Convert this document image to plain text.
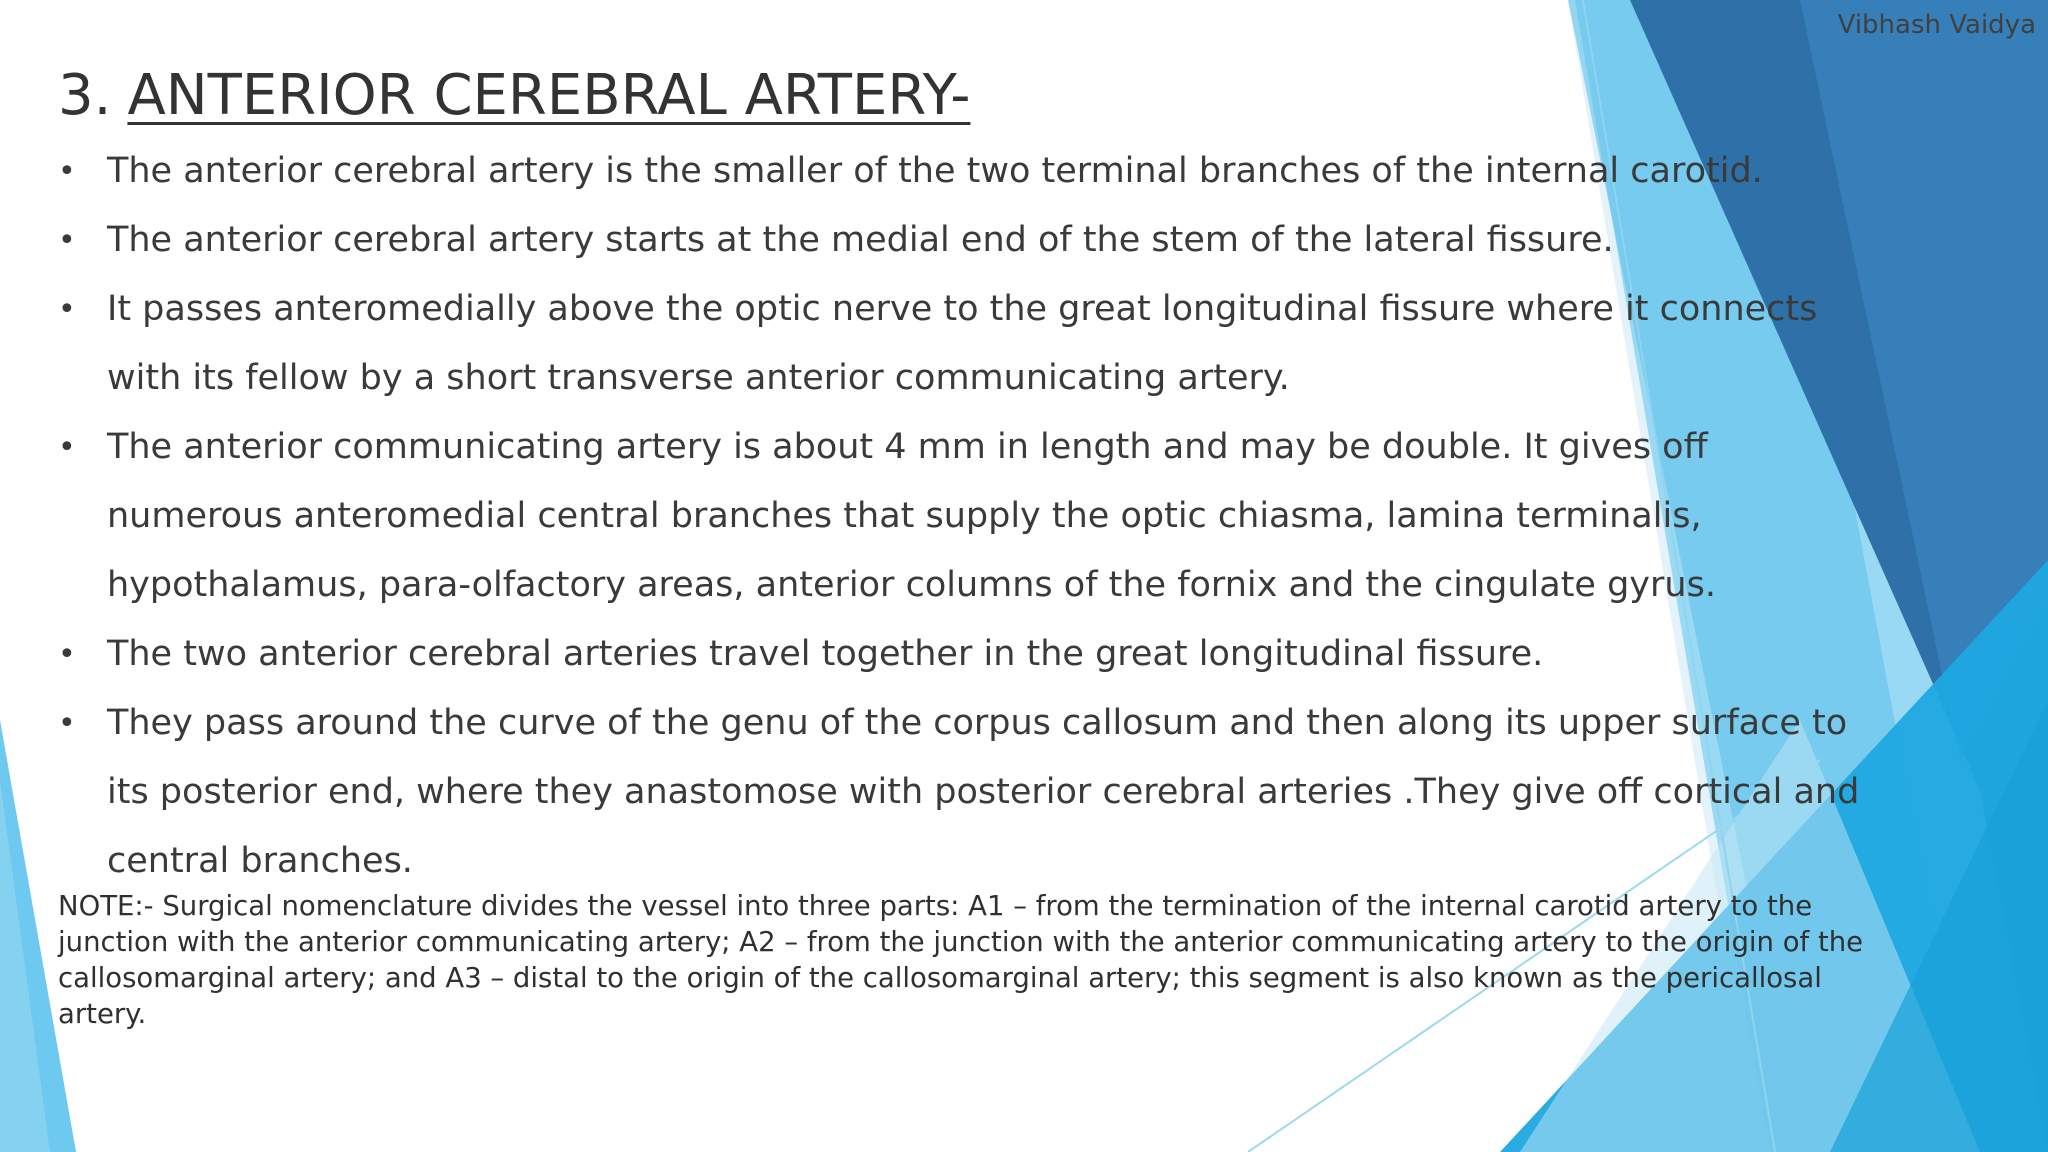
Vibhash Vaidya
3. ANTERIOR CEREBRAL ARTERY-
• The anterior cerebral artery is the smaller of the two terminal branches of the internal carotid.
• The anterior cerebral artery starts at the medial end of the stem of the lateral fissure.
• It passes anteromedially above the optic nerve to the great longitudinal fissure where it connects with its fellow by a short transverse anterior communicating artery.
• The anterior communicating artery is about 4 mm in length and may be double. It gives off numerous anteromedial central branches that supply the optic chiasma, lamina terminalis, hypothalamus, para-olfactory areas, anterior columns of the fornix and the cingulate gyrus.
• The two anterior cerebral arteries travel together in the great longitudinal fissure.
• They pass around the curve of the genu of the corpus callosum and then along its upper surface to its posterior end, where they anastomose with posterior cerebral arteries .They give off cortical and central branches.

NOTE:- Surgical nomenclature divides the vessel into three parts: A1 – from the termination of the internal carotid artery to the junction with the anterior communicating artery; A2 – from the junction with the anterior communicating artery to the origin of the callosomarginal artery; and A3 – distal to the origin of the callosomarginal artery; this segment is also known as the pericallosal artery.
